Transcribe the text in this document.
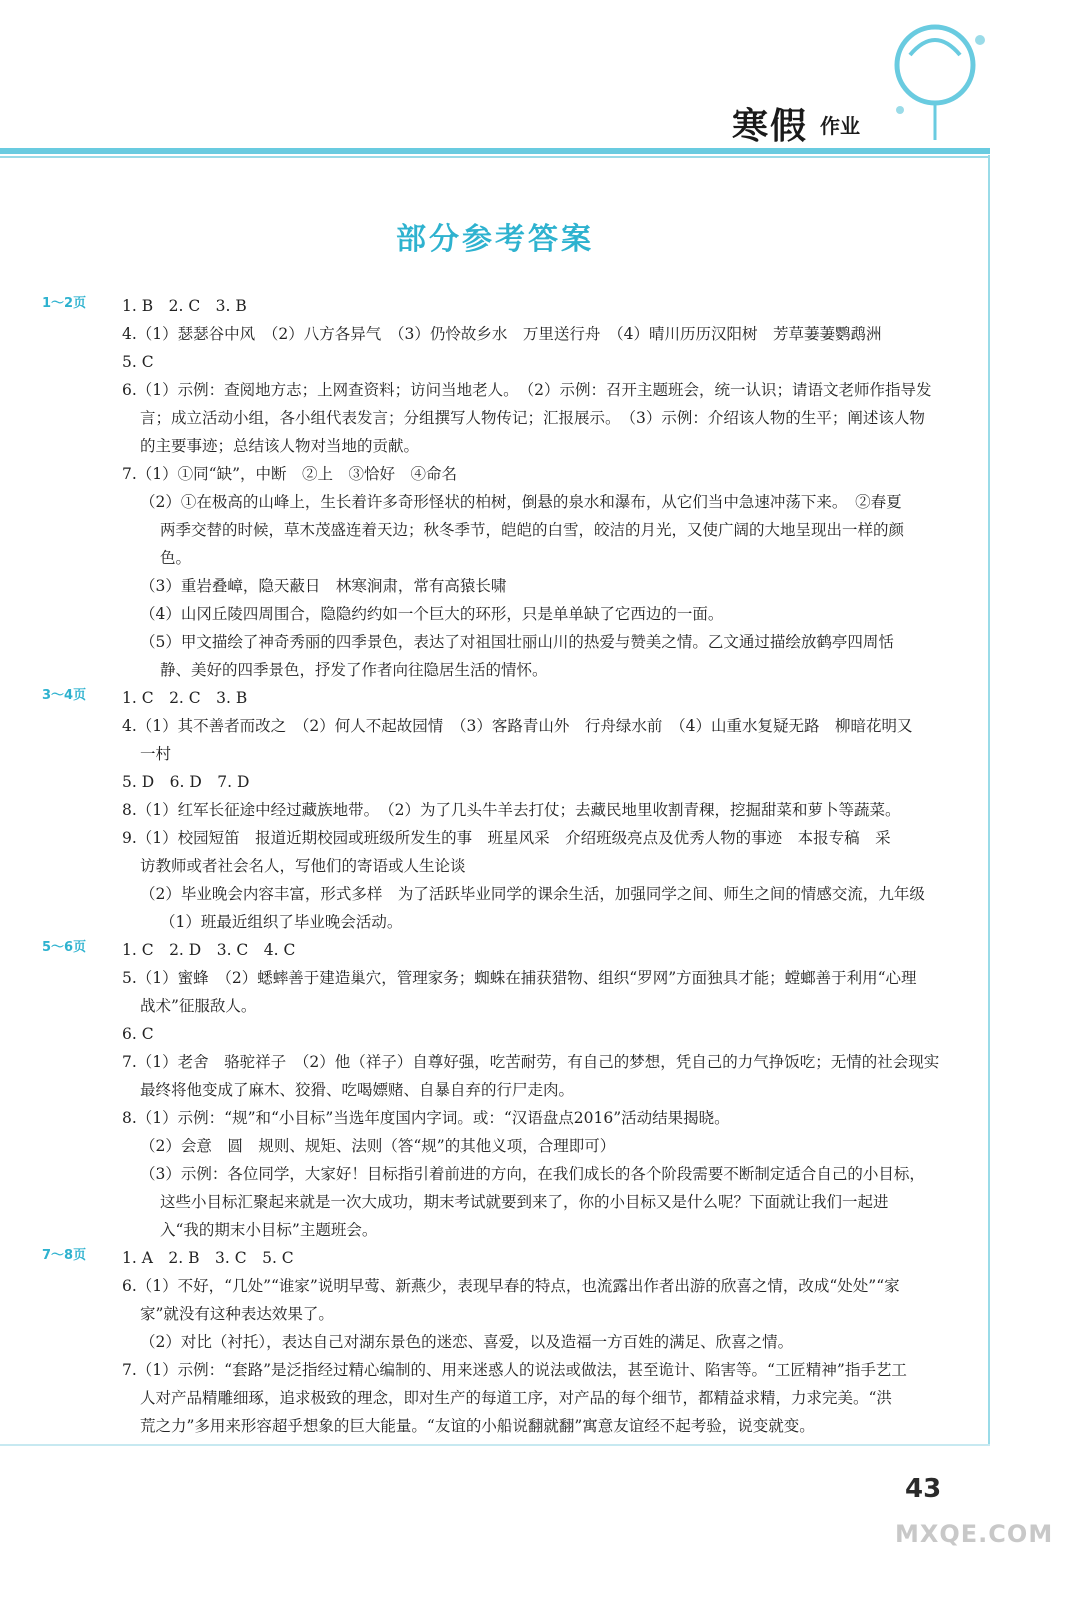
寒假 作业
部分参考答案
1～2页	1. B　2. C　3. B
4.（1）瑟瑟谷中风　（2）八方各异气　（3）仍怜故乡水　万里送行舟　（4）晴川历历汉阳树　芳草萋萋鹦鹉洲
5. C
6.（1）示例：查阅地方志；上网查资料；访问当地老人。　（2）示例：召开主题班会，统一认识；请语文老师作指导发
言；成立活动小组，各小组代表发言；分组撰写人物传记；汇报展示。　（3）示例：介绍该人物的生平；阐述该人物
的主要事迹；总结该人物对当地的贡献。
7.（1）①同“缺”，中断　②上　③恰好　④命名
（2）①在极高的山峰上，生长着许多奇形怪状的柏树，倒悬的泉水和瀑布，从它们当中急速冲荡下来。　②春夏
两季交替的时候，草木茂盛连着天边；秋冬季节，皑皑的白雪，皎洁的月光，又使广阔的大地呈现出一样的颜
色。
（3）重岩叠嶂，隐天蔽日　林寒涧肃，常有高猿长啸
（4）山冈丘陵四周围合，隐隐约约如一个巨大的环形，只是单单缺了它西边的一面。
（5）甲文描绘了神奇秀丽的四季景色，表达了对祖国壮丽山川的热爱与赞美之情。乙文通过描绘放鹤亭四周恬
静、美好的四季景色，抒发了作者向往隐居生活的情怀。
3～4页	1. C　2. C　3. B
4.（1）其不善者而改之　（2）何人不起故园情　（3）客路青山外　行舟绿水前　（4）山重水复疑无路　柳暗花明又
一村
5. D　6. D　7. D
8.（1）红军长征途中经过藏族地带。　（2）为了几头牛羊去打仗；去藏民地里收割青稞，挖掘甜菜和萝卜等蔬菜。
9.（1）校园短笛　报道近期校园或班级所发生的事　班星风采　介绍班级亮点及优秀人物的事迹　本报专稿　采
访教师或者社会名人，写他们的寄语或人生论谈
（2）毕业晚会内容丰富，形式多样　为了活跃毕业同学的课余生活，加强同学之间、师生之间的情感交流，九年级
（1）班最近组织了毕业晚会活动。
5～6页	1. C　2. D　3. C　4. C
5.（1）蜜蜂　（2）蟋蟀善于建造巢穴，管理家务；蜘蛛在捕获猎物、组织“罗网”方面独具才能；螳螂善于利用“心理
战术”征服敌人。
6. C
7.（1）老舍　骆驼祥子　（2）他（祥子）自尊好强，吃苦耐劳，有自己的梦想，凭自己的力气挣饭吃；无情的社会现实
最终将他变成了麻木、狡猾、吃喝嫖赌、自暴自弃的行尸走肉。
8.（1）示例：“规”和“小目标”当选年度国内字词。或：“汉语盘点2016”活动结果揭晓。
（2）会意　圆　规则、规矩、法则（答“规”的其他义项，合理即可）
（3）示例：各位同学，大家好！目标指引着前进的方向，在我们成长的各个阶段需要不断制定适合自己的小目标，
这些小目标汇聚起来就是一次大成功，期末考试就要到来了，你的小目标又是什么呢？下面就让我们一起进
入“我的期末小目标”主题班会。
7～8页	1. A　2. B　3. C　5. C
6.（1）不好，“几处”“谁家”说明早莺、新燕少，表现早春的特点，也流露出作者出游的欣喜之情，改成“处处”“家
家”就没有这种表达效果了。
（2）对比（衬托），表达自己对湖东景色的迷恋、喜爱，以及造福一方百姓的满足、欣喜之情。
7.（1）示例：“套路”是泛指经过精心编制的、用来迷惑人的说法或做法，甚至诡计、陷害等。“工匠精神”指手艺工
人对产品精雕细琢，追求极致的理念，即对生产的每道工序，对产品的每个细节，都精益求精，力求完美。“洪
荒之力”多用来形容超乎想象的巨大能量。“友谊的小船说翻就翻”寓意友谊经不起考验，说变就变。
43
MXQE.COM
